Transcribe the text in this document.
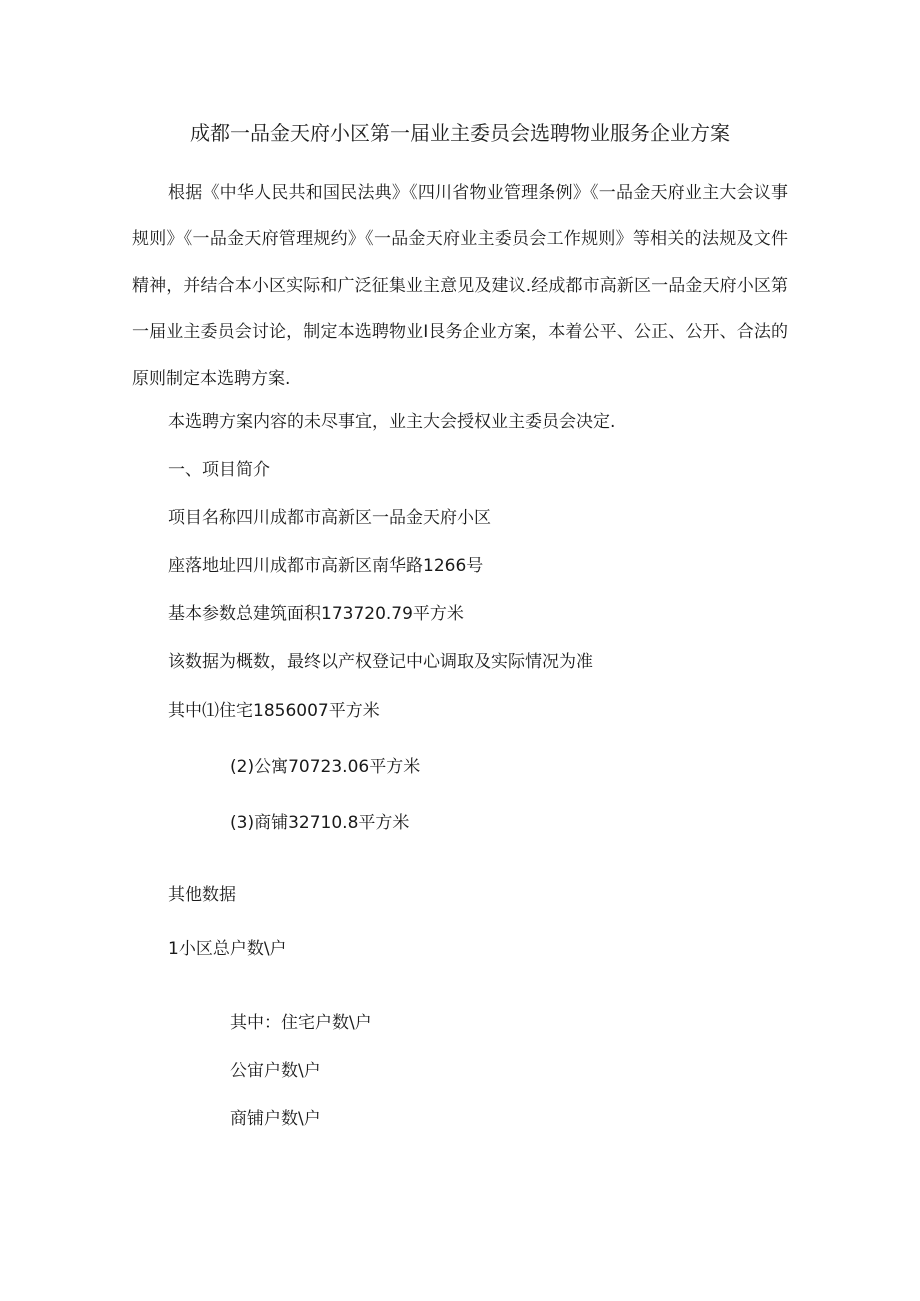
成都一品金天府小区第一届业主委员会选聘物业服务企业方案

根据《中华人民共和国民法典》《四川省物业管理条例》《一品金天府业主大会议事规则》《一品金天府管理规约》《一品金天府业主委员会工作规则》等相关的法规及文件精神，并结合本小区实际和广泛征集业主意见及建议.经成都市高新区一品金天府小区第一届业主委员会讨论，制定本选聘物业I艮务企业方案，本着公平、公正、公开、合法的原则制定本选聘方案.

本选聘方案内容的未尽事宜，业主大会授权业主委员会决定.
一、项目简介
项目名称四川成都市高新区一品金天府小区
座落地址四川成都市高新区南华路1266号
基本参数总建筑面积173720.79平方米
该数据为概数，最终以产权登记中心调取及实际情况为准
其中⑴住宅1856007平方米
(2)公寓70723.06平方米
(3)商铺32710.8平方米
其他数据
1小区总户数\户
其中：住宅户数\户
公宙户数\户
商铺户数\户
